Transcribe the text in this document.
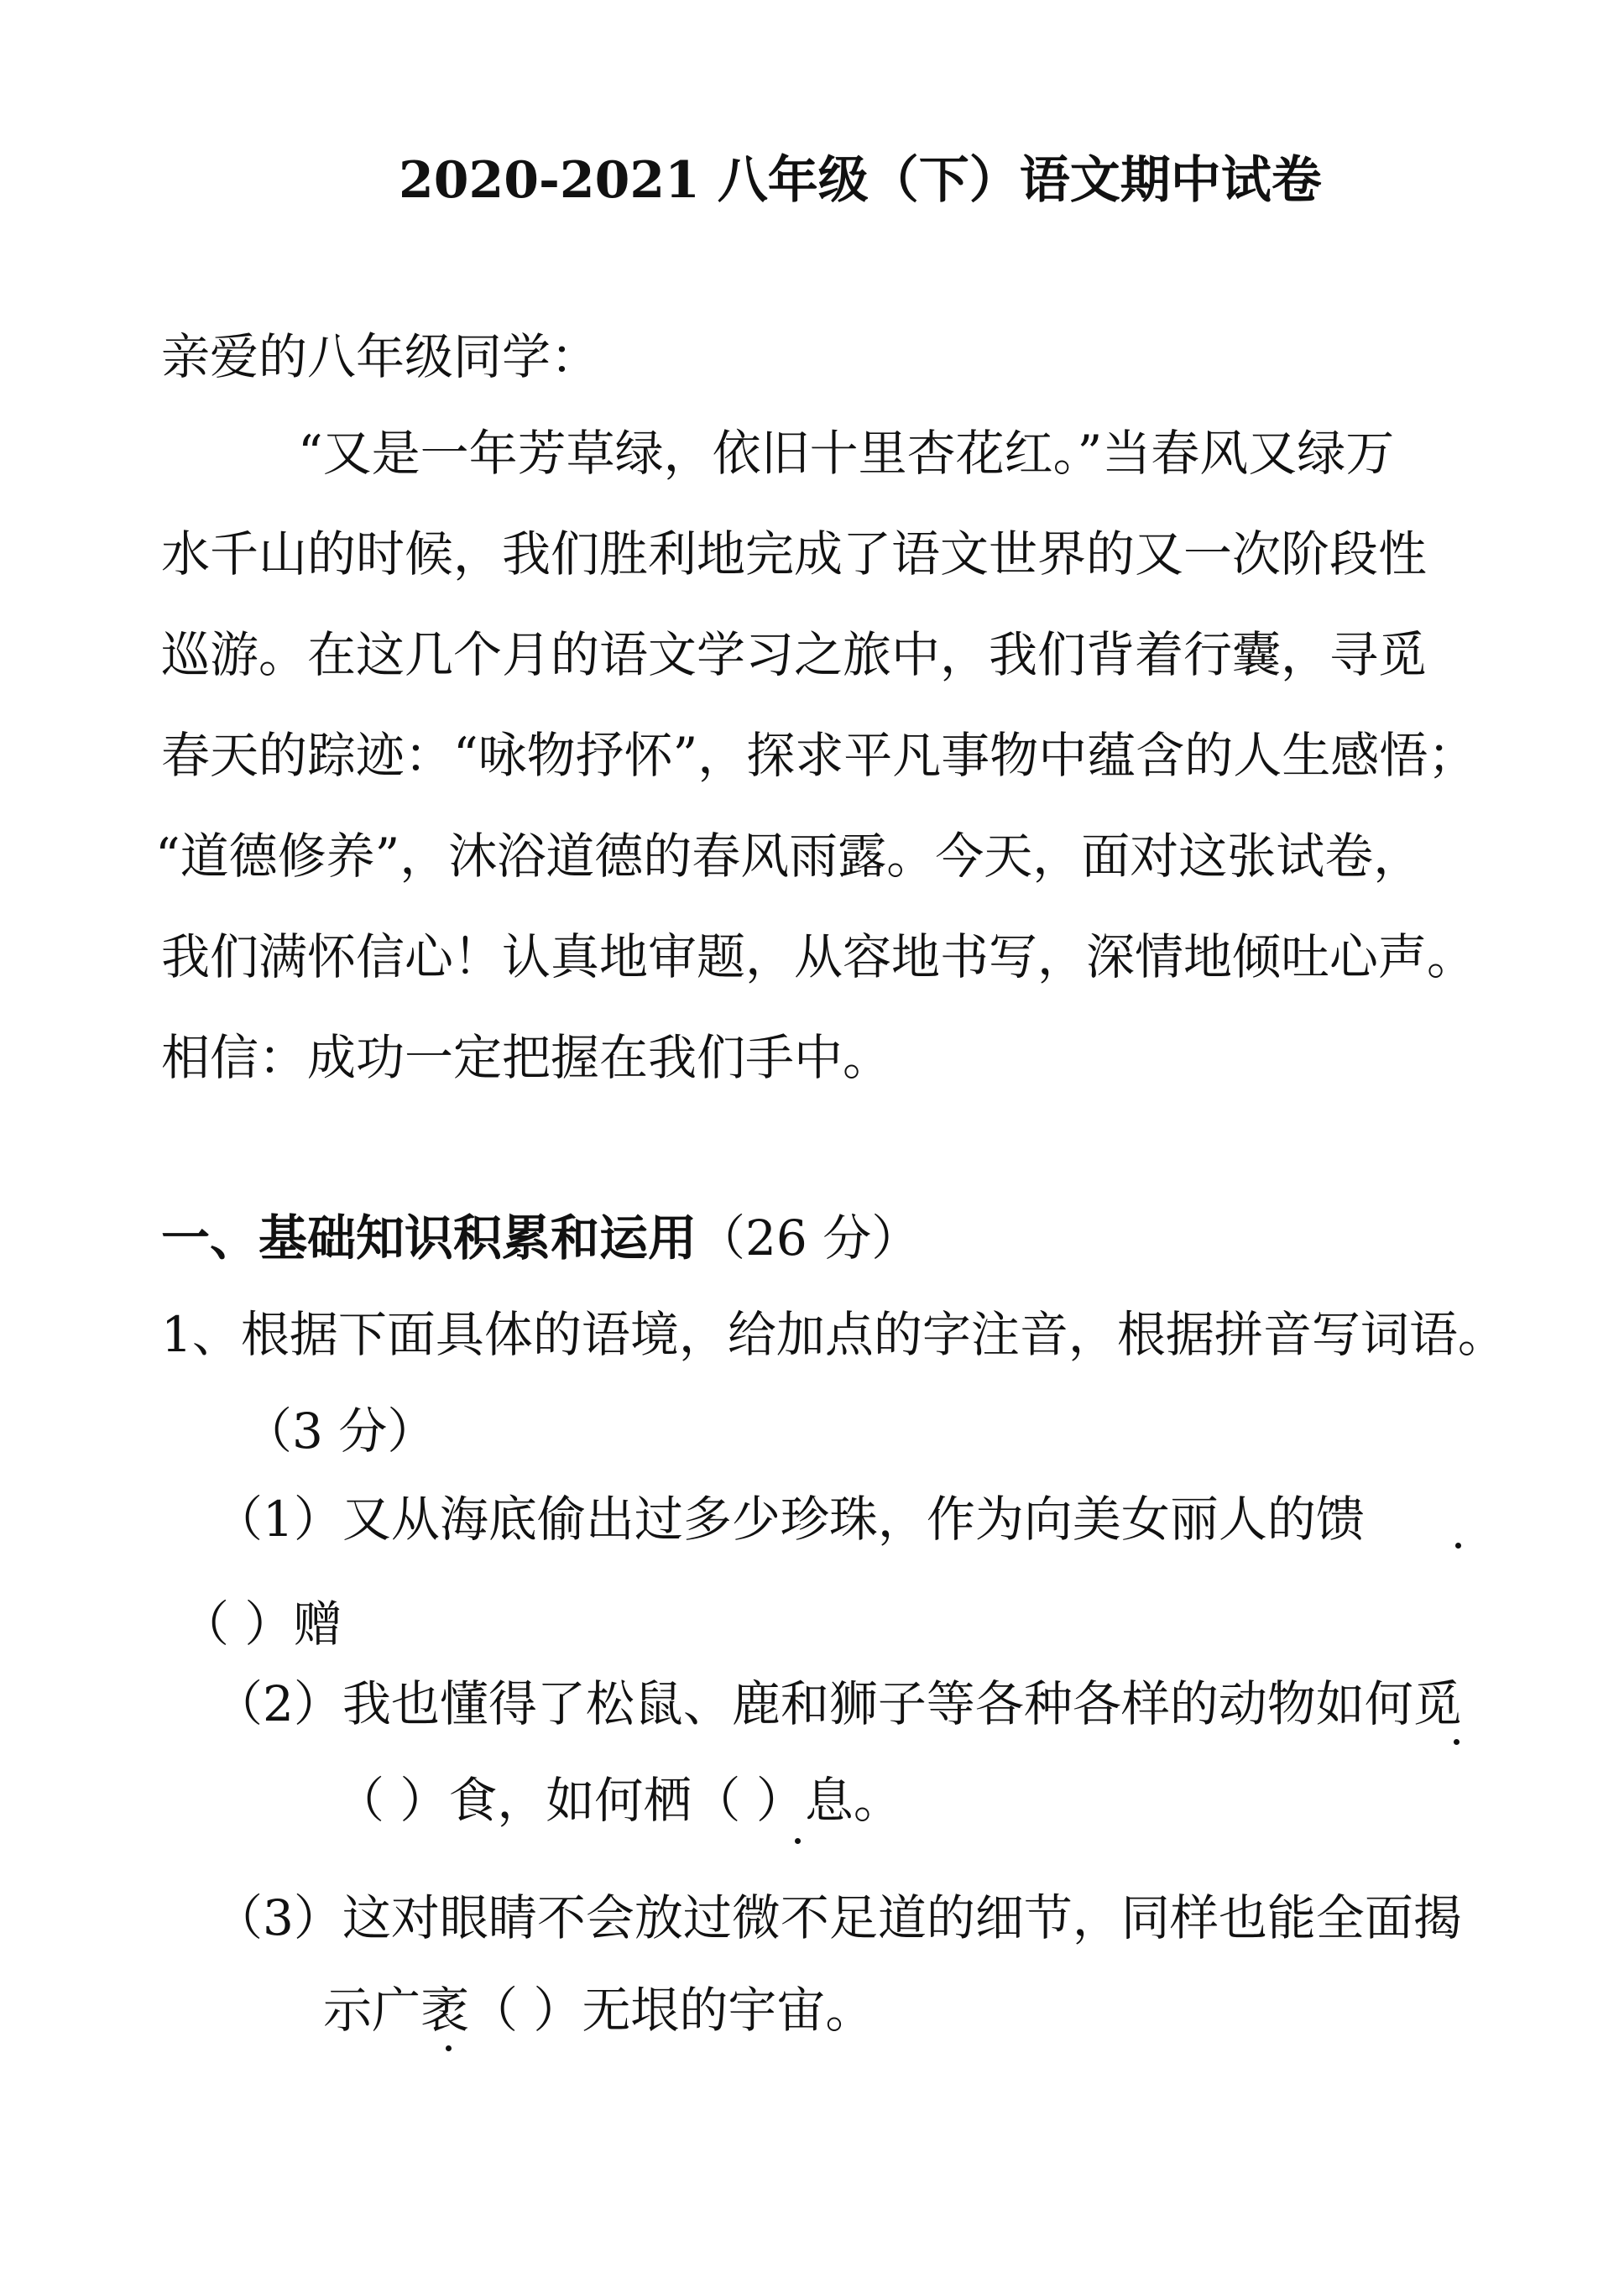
2020-2021 八年级（下）语文期中试卷
亲爱的八年级同学：
“又是一年芳草绿，依旧十里杏花红。”当春风又绿万
水千山的时候，我们胜利地完成了语文世界的又一次阶段性
巡游。在这几个月的语文学习之旅中，我们背着行囊，寻觅
春天的踪迹：“咏物抒怀”，探求平凡事物中蕴含的人生感悟；
“道德修养”，沐浴道德的春风雨露。今天，面对这张试卷，
我们满怀信心！认真地审题，从容地书写，深情地倾吐心声。
相信：成功一定把握在我们手中。
一、基础知识积累和运用（26 分）
1、根据下面具体的语境，给加点的字注音，根据拼音写词语。
（3 分）
（1）又从海底偷出过多少珍珠，作为向美女丽人的馈
（ ）赠
（2）我也懂得了松鼠、鹿和狮子等各种各样的动物如何觅
（ ）食，如何栖（ ）息。
（3）这对眼睛不会放过微不足道的细节，同样也能全面揭
示广袤（ ）无垠的宇宙。
